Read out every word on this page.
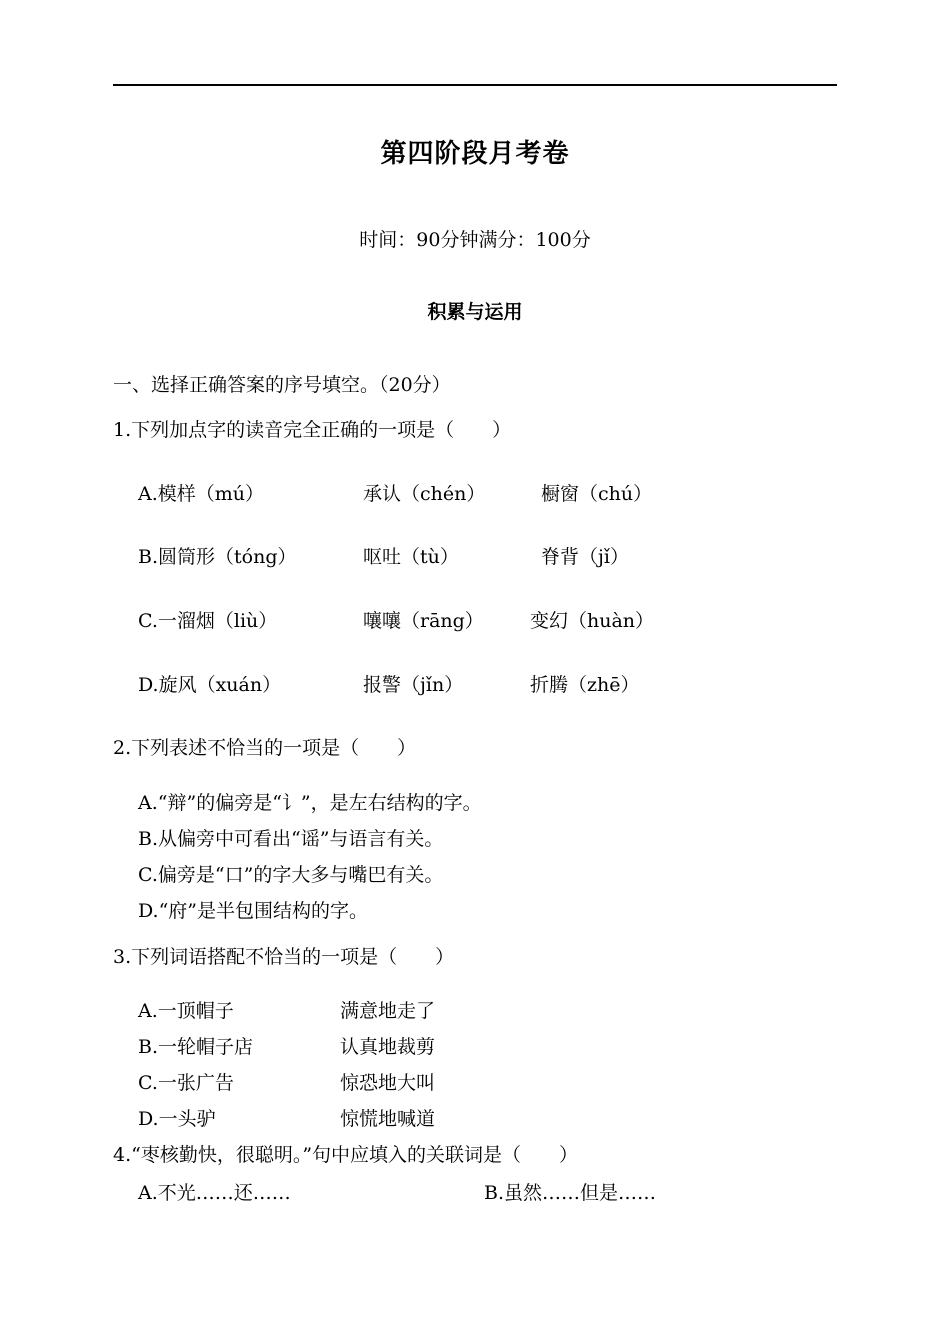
第四阶段月考卷
时间：90分钟满分：100分
积累与运用
一、选择正确答案的序号填空。（20分）
1.下列加点字的读音完全正确的一项是（　　）
A.模样（mú）	承认（chén）	橱窗（chú）
B.圆筒形（tóng）	呕吐（tù）	脊背（jǐ）
C.一溜烟（liù）	嚷嚷（rāng） 变幻（huàn）
D.旋风（xuán）	报警（jǐn）	折腾（zhē）
2.下列表述不恰当的一项是（　　）
A.“辩”的偏旁是“讠”，是左右结构的字。
B.从偏旁中可看出“谣”与语言有关。
C.偏旁是“口”的字大多与嘴巴有关。
D.“府”是半包围结构的字。
3.下列词语搭配不恰当的一项是（　　）
A.一顶帽子	满意地走了
B.一轮帽子店	认真地裁剪
C.一张广告	惊恐地大叫
D.一头驴	惊慌地喊道
4.“枣核勤快，很聪明。”句中应填入的关联词是（　　）
A.不光……还……	B.虽然……但是……
